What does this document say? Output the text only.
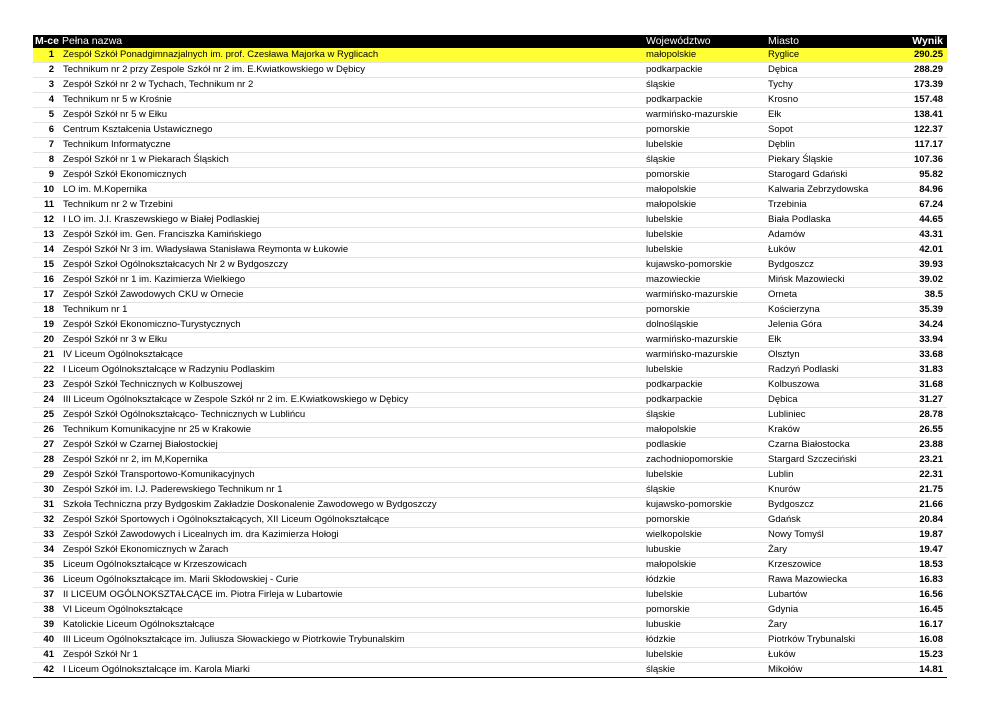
M-ce	Pełna nazwa	Województwo	Miasto	Wynik
1	Zespół Szkół Ponadgimnazjalnych im. prof. Czesława Majorka w Ryglicach	małopolskie	Ryglice	290.25
2	Technikum nr 2 przy Zespole Szkół nr 2 im. E.Kwiatkowskiego w Dębicy	podkarpackie	Dębica	288.29
3	Zespół Szkół nr 2 w Tychach, Technikum nr 2	śląskie	Tychy	173.39
4	Technikum nr 5 w Krośnie	podkarpackie	Krosno	157.48
5	Zespół Szkół nr 5 w Ełku	warmińsko-mazurskie	Ełk	138.41
6	Centrum Kształcenia Ustawicznego	pomorskie	Sopot	122.37
7	Technikum Informatyczne	lubelskie	Dęblin	117.17
8	Zespół Szkół nr 1 w Piekarach Śląskich	śląskie	Piekary Śląskie	107.36
9	Zespół Szkół Ekonomicznych	pomorskie	Starogard Gdański	95.82
10	LO im. M.Kopernika	małopolskie	Kalwaria Zebrzydowska	84.96
11	Technikum nr 2 w Trzebini	małopolskie	Trzebinia	67.24
12	I LO im. J.I. Kraszewskiego w Białej Podlaskiej	lubelskie	Biała Podlaska	44.65
13	Zespół Szkół im. Gen. Franciszka Kamińskiego	lubelskie	Adamów	43.31
14	Zespół Szkół Nr 3 im. Władysława Stanisława Reymonta w Łukowie	lubelskie	Łuków	42.01
15	Zespół Szkoł Ogólnokształcacych Nr 2 w Bydgoszczy	kujawsko-pomorskie	Bydgoszcz	39.93
16	Zespół Szkół nr 1 im. Kazimierza Wielkiego	mazowieckie	Mińsk Mazowiecki	39.02
17	Zespół Szkół Zawodowych CKU w Ornecie	warmińsko-mazurskie	Orneta	38.5
18	Technikum nr 1	pomorskie	Kościerzyna	35.39
19	Zespół Szkół Ekonomiczno-Turystycznych	dolnośląskie	Jelenia Góra	34.24
20	Zespół Szkół nr 3 w Ełku	warmińsko-mazurskie	Ełk	33.94
21	IV Liceum Ogólnokształcące	warmińsko-mazurskie	Olsztyn	33.68
22	I Liceum Ogólnokształcące w Radzyniu Podlaskim	lubelskie	Radzyń Podlaski	31.83
23	Zespół Szkół Technicznych w Kolbuszowej	podkarpackie	Kolbuszowa	31.68
24	III Liceum Ogólnokształcące w Zespole Szkół nr 2 im. E.Kwiatkowskiego w Dębicy	podkarpackie	Dębica	31.27
25	Zespół Szkół Ogólnokształcąco- Technicznych w Lublińcu	śląskie	Lubliniec	28.78
26	Technikum Komunikacyjne nr 25 w Krakowie	małopolskie	Kraków	26.55
27	Zespół Szkół w Czarnej Białostockiej	podlaskie	Czarna Białostocka	23.88
28	Zespół Szkół nr 2, im M,Kopernika	zachodniopomorskie	Stargard Szczeciński	23.21
29	Zespół Szkół Transportowo-Komunikacyjnych	lubelskie	Lublin	22.31
30	Zespół Szkół im. I.J. Paderewskiego Technikum nr 1	śląskie	Knurów	21.75
31	Szkoła Techniczna przy Bydgoskim Zakładzie Doskonalenie Zawodowego w Bydgoszczy	kujawsko-pomorskie	Bydgoszcz	21.66
32	Zespół Szkół Sportowych i Ogólnokształcących, XII Liceum Ogólnokształcące	pomorskie	Gdańsk	20.84
33	Zespół Szkół Zawodowych i Licealnych im. dra Kazimierza Hołogi	wielkopolskie	Nowy Tomyśl	19.87
34	Zespół Szkół Ekonomicznych w Żarach	lubuskie	Żary	19.47
35	Liceum Ogólnokształcące w Krzeszowicach	małopolskie	Krzeszowice	18.53
36	Liceum Ogólnokształcące im. Marii Skłodowskiej - Curie	łódzkie	Rawa Mazowiecka	16.83
37	II LICEUM OGÓLNOKSZTAŁCĄCE im. Piotra Firleja w Lubartowie	lubelskie	Lubartów	16.56
38	VI Liceum Ogólnokształcące	pomorskie	Gdynia	16.45
39	Katolickie Liceum Ogólnokształcące	lubuskie	Żary	16.17
40	III Liceum Ogólnokształcące im. Juliusza Słowackiego w Piotrkowie Trybunalskim	łódzkie	Piotrków Trybunalski	16.08
41	Zespół Szkół Nr 1	lubelskie	Łuków	15.23
42	I Liceum Ogólnokształcące im. Karola Miarki	śląskie	Mikołów	14.81
